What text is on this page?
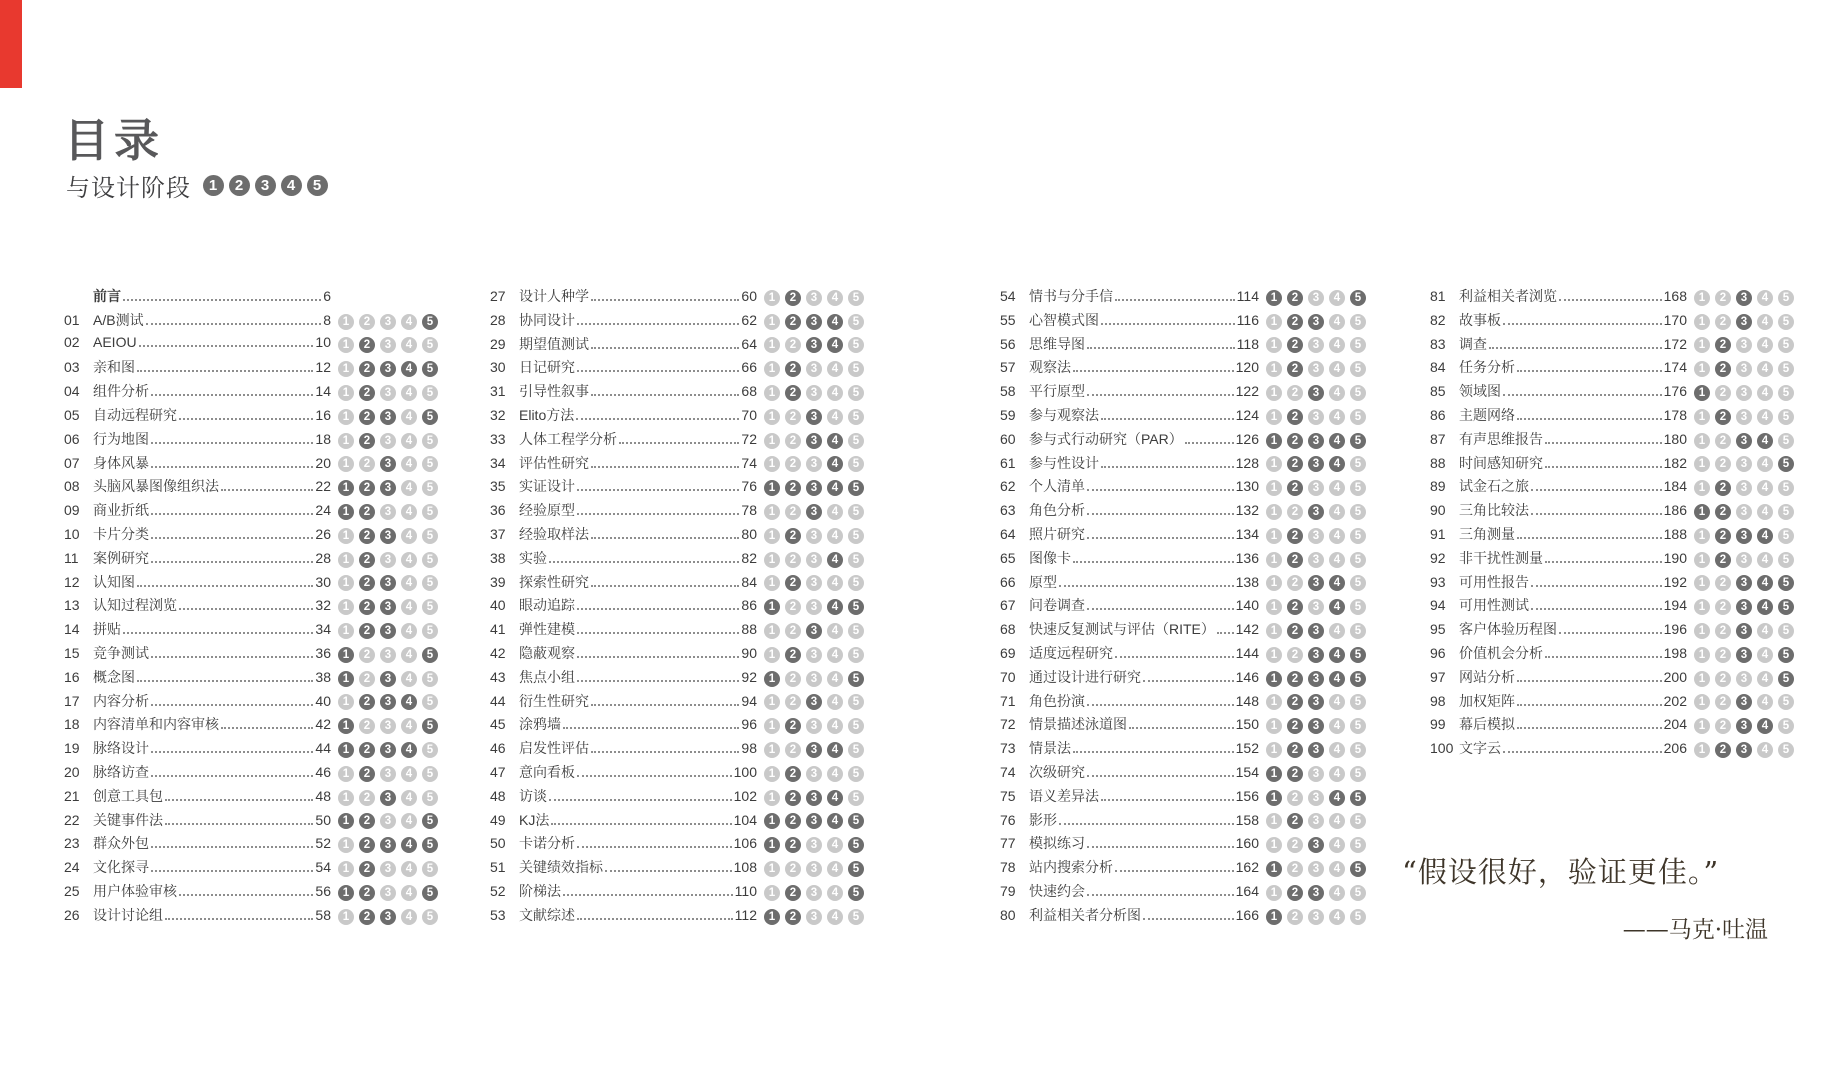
目录
与设计阶段	1	2	3	4	5
前言	6
01 A/B测试	8	1	2	3	4	5
02 AEIOU	10	1	2	3	4	5
03 亲和图	12	1	2	3	4	5
04 组件分析	14	1	2	3	4	5
05 自动远程研究	16	1	2	3	4	5
06 行为地图	18	1	2	3	4	5
07 身体风暴	20	1	2	3	4	5
08 头脑风暴图像组织法	22	1	2	3	4	5
09 商业折纸	24	1	2	3	4	5
10 卡片分类	26	1	2	3	4	5
11	案例研究	28	1	2	3	4	5
12 认知图	30	1	2	3	4	5
13 认知过程浏览	32	1	2	3	4	5
14 拼贴	34	1	2	3	4	5
15 竞争测试	36	1	2	3	4	5
16 概念图	38	1	2	3	4	5
17 内容分析	40	1	2	3	4	5
18 内容清单和内容审核	42	1	2	3	4	5
19 脉络设计	44	1	2	3	4	5
20 脉络访查	46	1	2	3	4	5
21 创意工具包	48	1	2	3	4	5
22 关键事件法	50	1	2	3	4	5
23 群众外包	52	1	2	3	4	5
24 文化探寻	54	1	2	3	4	5
25 用户体验审核	56	1	2	3	4	5
26 设计讨论组	58	1	2	3	4	5
27 设计人种学	60	1	2	3	4	5
28 协同设计	62	1	2	3	4	5
29 期望值测试	64	1	2	3	4	5
30 日记研究	66	1	2	3	4	5
31 引导性叙事	68	1	2	3	4	5
32 Elito方法	70	1	2	3	4	5
33 人体工程学分析	72	1	2	3	4	5
34 评估性研究	74	1	2	3	4	5
35 实证设计	76	1	2	3	4	5
36 经验原型	78	1	2	3	4	5
37 经验取样法	80	1	2	3	4	5
38 实验	82	1	2	3	4	5
39 探索性研究	84	1	2	3	4	5
40 眼动追踪	86	1	2	3	4	5
41 弹性建模	88	1	2	3	4	5
42 隐蔽观察	90	1	2	3	4	5
43 焦点小组	92	1	2	3	4	5
44 衍生性研究	94	1	2	3	4	5
45 涂鸦墙	96	1	2	3	4	5
46 启发性评估	98	1	2	3	4	5
47 意向看板	100	1	2	3	4	5
48 访谈	102	1	2	3	4	5
49 KJ法	104	1	2	3	4	5
50 卡诺分析	106	1	2	3	4	5
51 关键绩效指标	108	1	2	3	4	5
52 阶梯法	110	1	2	3	4	5
53 文献综述	112	1	2	3	4	5
54 情书与分手信	114	1	2	3	4	5
55 心智模式图	116	1	2	3	4	5
56 思维导图	118	1	2	3	4	5
57 观察法	120	1	2	3	4	5
58 平行原型	122	1	2	3	4	5
59 参与观察法	124	1	2	3	4	5
60 参与式行动研究（PAR）	126	1	2	3	4	5
61 参与性设计	128	1	2	3	4	5
62 个人清单	130	1	2	3	4	5
63 角色分析	132	1	2	3	4	5
64 照片研究	134	1	2	3	4	5
65 图像卡	136	1	2	3	4	5
66 原型	138	1	2	3	4	5
67 问卷调查	140	1	2	3	4	5
68 快速反复测试与评估（RITE） 142	1	2	3	4	5
69 适度远程研究	144	1	2	3	4	5
70 通过设计进行研究	146	1	2	3	4	5
71 角色扮演	148	1	2	3	4	5
72 情景描述泳道图	150	1	2	3	4	5
73 情景法	152	1	2	3	4	5
74 次级研究	154	1	2	3	4	5
75 语义差异法	156	1	2	3	4	5
76 影形	158	1	2	3	4	5
77 模拟练习	160	1	2	3	4	5
78 站内搜索分析	162	1	2	3	4	5
79 快速约会	164	1	2	3	4	5
80 利益相关者分析图	166	1	2	3	4	5
81 利益相关者浏览	168	1	2	3	4	5
82 故事板	170	1	2	3	4	5
83 调查	172	1	2	3	4	5
84 任务分析	174	1	2	3	4	5
85 领域图	176	1	2	3	4	5
86 主题网络	178	1	2	3	4	5
87 有声思维报告	180	1	2	3	4	5
88 时间感知研究	182	1	2	3	4	5
89 试金石之旅	184	1	2	3	4	5
90 三角比较法	186	1	2	3	4	5
91 三角测量	188	1	2	3	4	5
92 非干扰性测量	190	1	2	3	4	5
93 可用性报告	192	1	2	3	4	5
94 可用性测试	194	1	2	3	4	5
95 客户体验历程图	196	1	2	3	4	5
96 价值机会分析	198	1	2	3	4	5
97 网站分析	200	1	2	3	4	5
98 加权矩阵	202	1	2	3	4	5
99 幕后模拟	204	1	2	3	4	5
100 文字云	206	1	2	3	4	5
“假设很好，验证更佳。”
——马克·吐温
